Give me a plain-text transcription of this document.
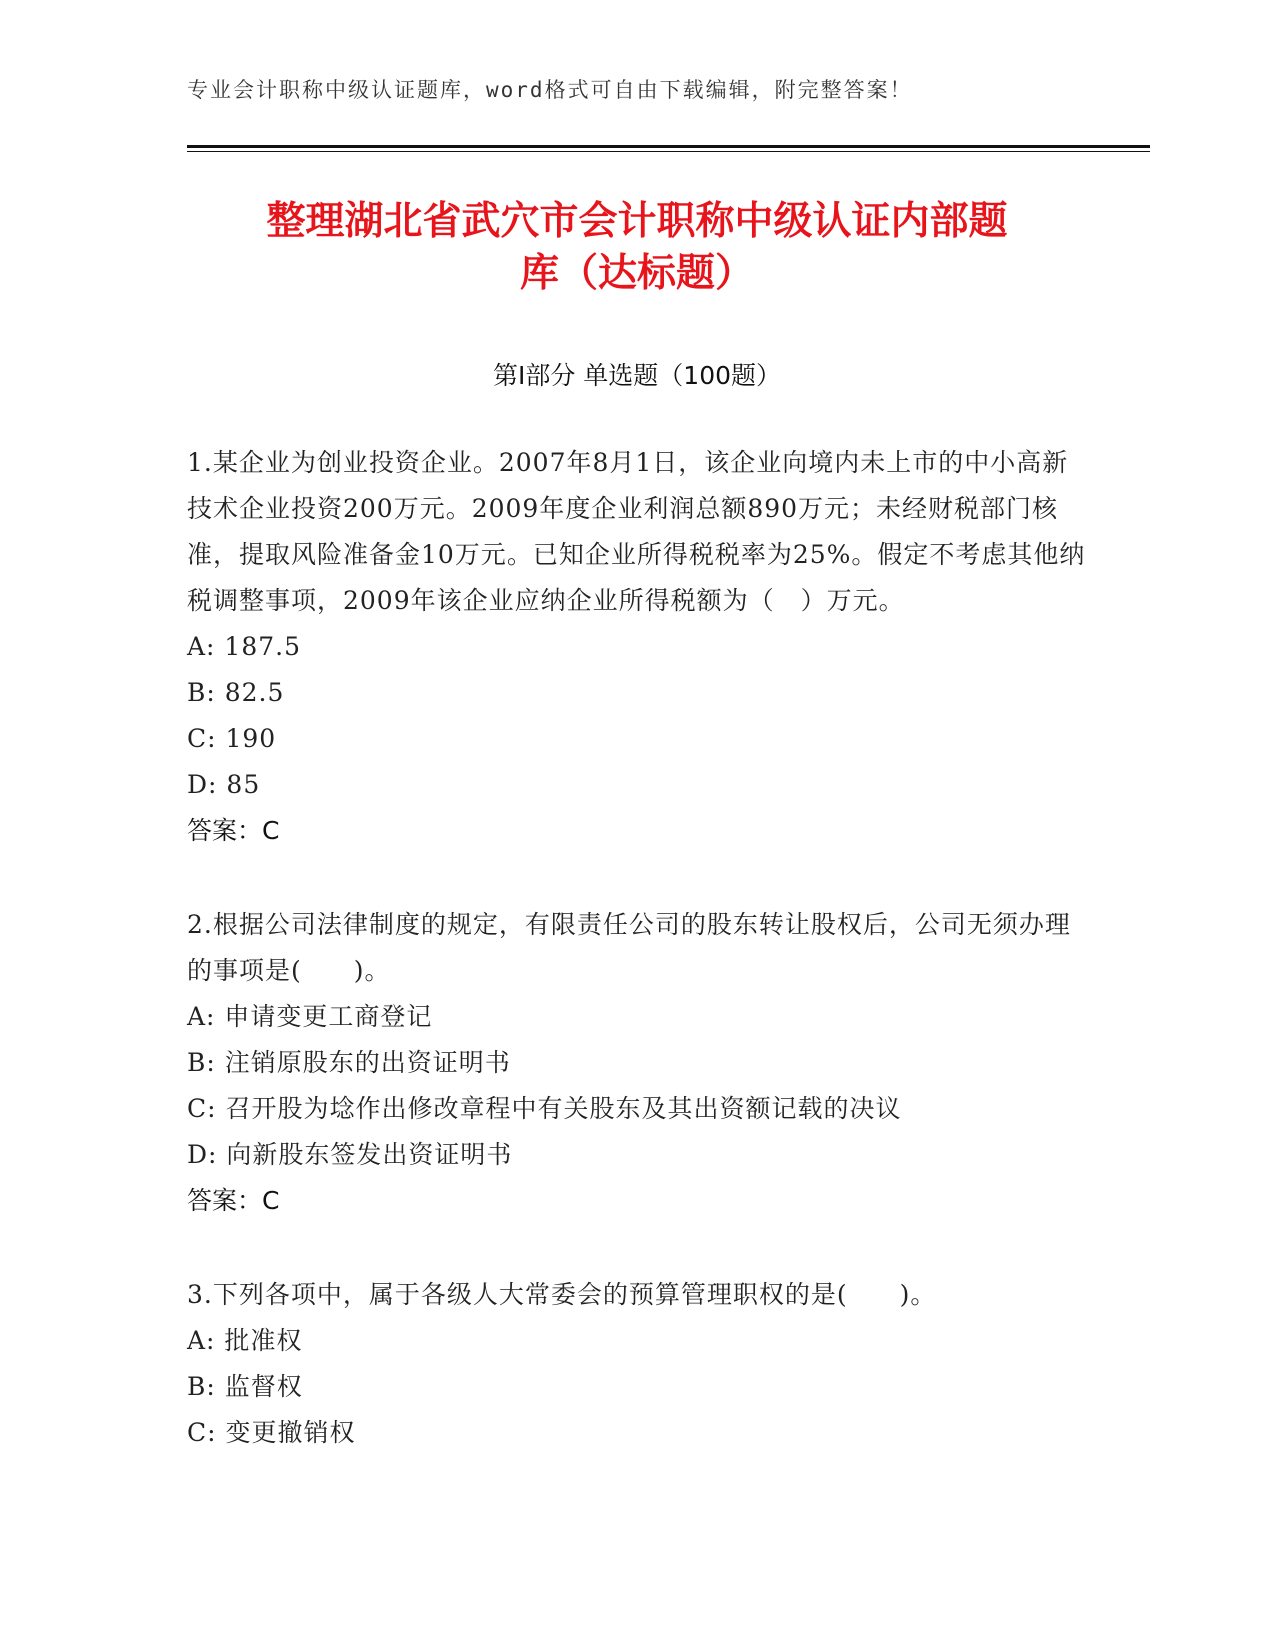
专业会计职称中级认证题库，word格式可自由下载编辑，附完整答案！
整理湖北省武穴市会计职称中级认证内部题
库（达标题）
第Ⅰ部分 单选题（100题）

1.某企业为创业投资企业。2007年8月1日，该企业向境内未上市的中小高新技术企业投资200万元。2009年度企业利润总额890万元；未经财税部门核准，提取风险准备金10万元。已知企业所得税税率为25%。假定不考虑其他纳税调整事项，2009年该企业应纳企业所得税额为（　）万元。

A: 187.5

B: 82.5

C: 190

D: 85

答案：C

2.根据公司法律制度的规定，有限责任公司的股东转让股权后，公司无须办理的事项是(　　)。

A: 申请变更工商登记

B: 注销原股东的出资证明书

C: 召开股为埝作出修改章程中有关股东及其出资额记载的决议

D: 向新股东签发出资证明书

答案：C

3.下列各项中，属于各级人大常委会的预算管理职权的是(　　)。

A: 批准权

B: 监督权

C: 变更撤销权
